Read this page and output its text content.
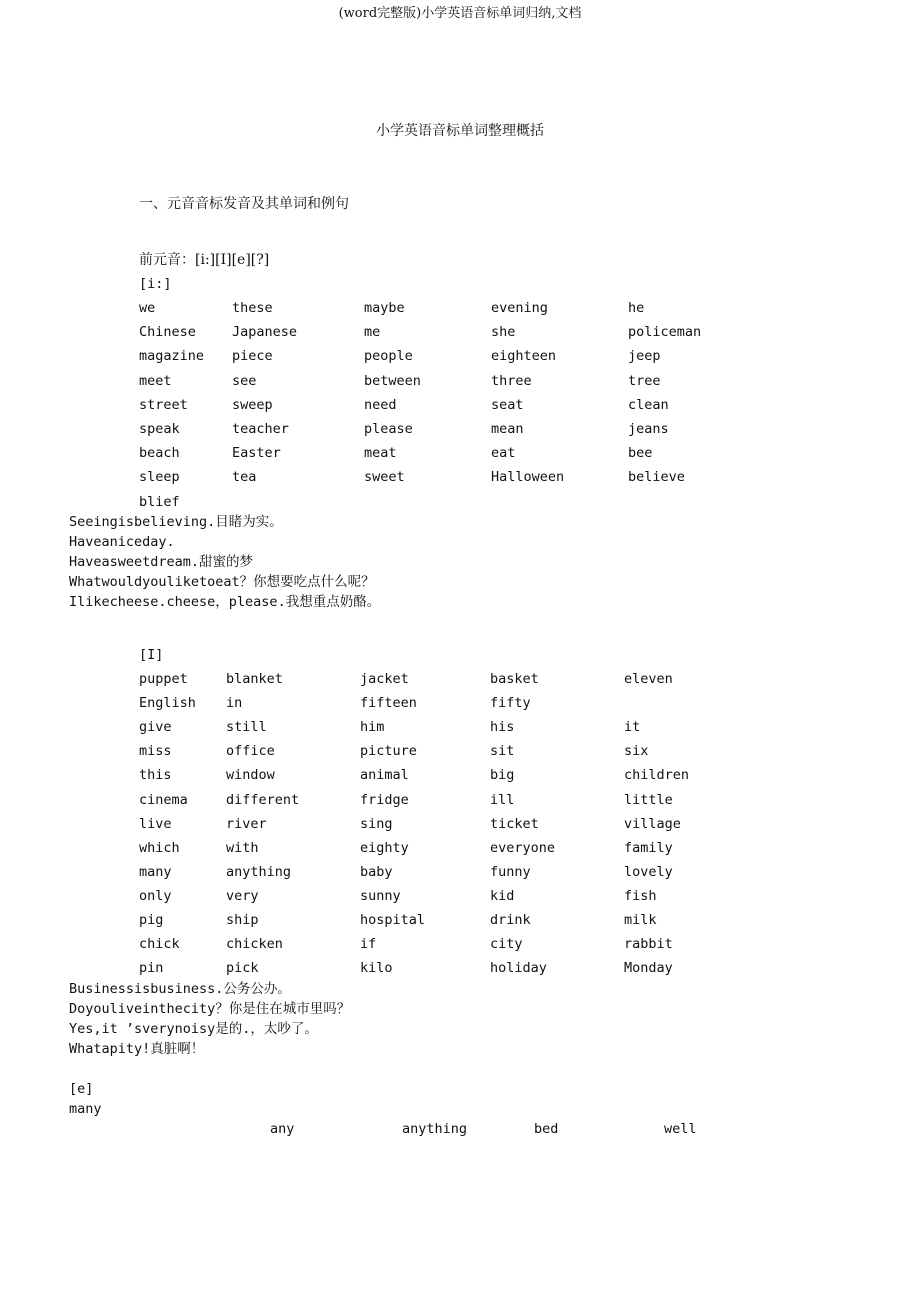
(word完整版)小学英语音标单词归纳,文档
小学英语音标单词整理概括
一、元音音标发音及其单词和例句
前元音：[i:][I][e][?]
[i:]
we	these	maybe	evening	he
Chinese	Japanese	me	she	policeman
magazine piece	people	eighteen	jeep
meet	see	between	three	tree
street	sweep	need	seat	clean
speak	teacher	please	mean	jeans
beach	Easter	meat	eat	bee
sleep	tea	sweet	Halloween	believe
blief
Seeingisbelieving.目睹为实。
Haveaniceday.
Haveasweetdream.甜蜜的梦
Whatwouldyouliketoeat？你想要吃点什么呢？
Ilikecheese.cheese，please.我想重点奶酪。
[I]
puppet	blanket	jacket	basket	eleven
English in	fifteen	fifty
give	still	him	his	it
miss	office	picture	sit	six
this	window	animal	big	children
cinema	different	fridge	ill	little
live	river	sing	ticket	village
which	with	eighty	everyone	family
many	anything	baby	funny	lovely
only	very	sunny	kid	fish
pig	ship	hospital	drink	milk
chick	chicken	if	city	rabbit
pin	pick	kilo	holiday	Monday
Businessisbusiness.公务公办。
Doyouliveinthecity？你是住在城市里吗？
Yes,it ’sverynoisy是的.，太吵了。
Whatapity!真脏啊！
[e]
many
any	anything	bed	well
